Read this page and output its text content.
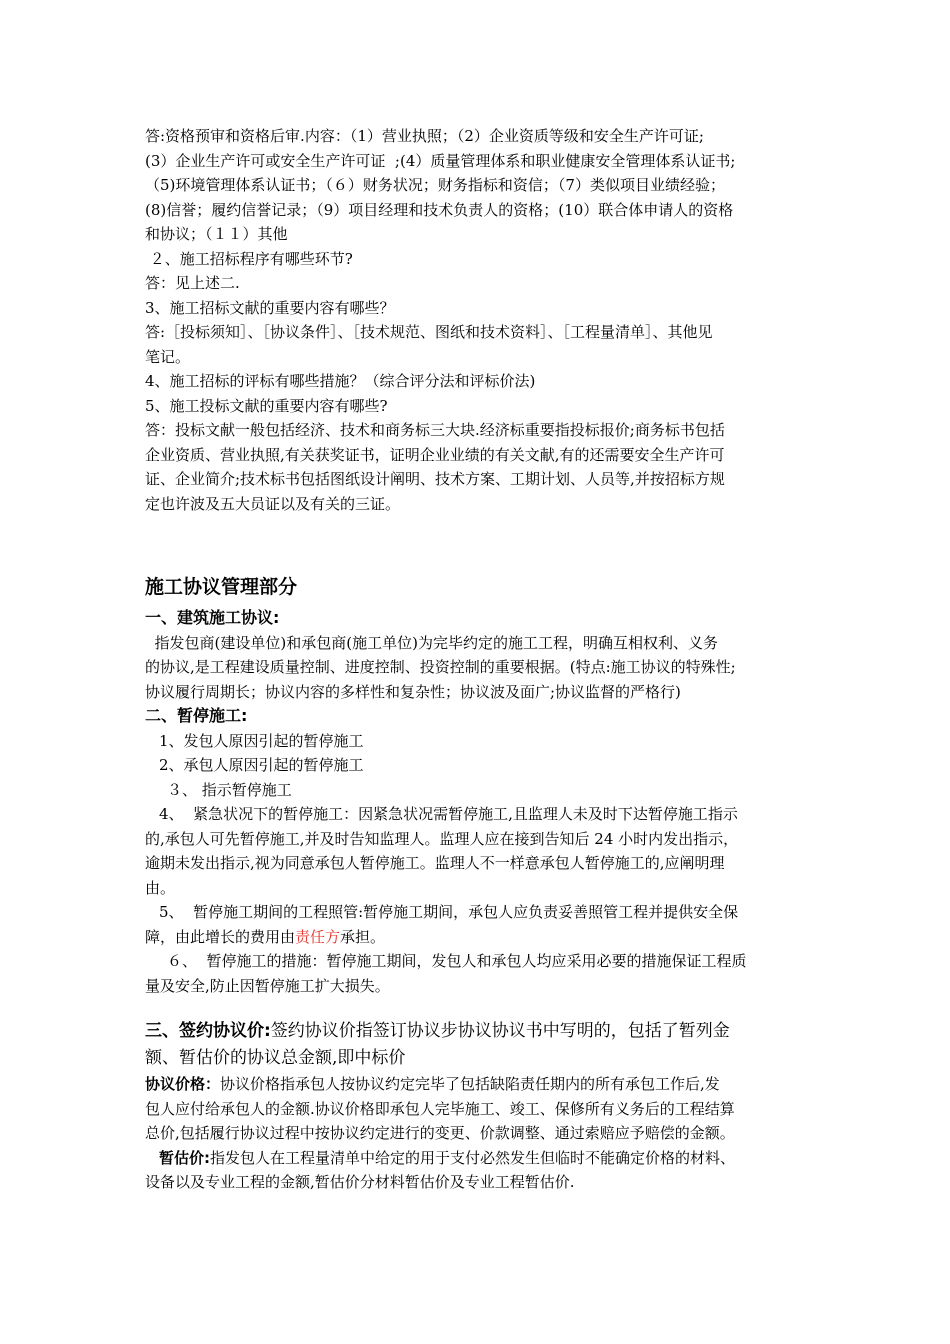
答:资格预审和资格后审.内容：（1）营业执照；（2）企业资质等级和安全生产许可证;

(3）企业生产许可或安全生产许可证  ;(4）质量管理体系和职业健康安全管理体系认证书;

（5)环境管理体系认证书；（６）财务状况；财务指标和资信；（7）类似项目业绩经验；

(8)信誉；履约信誉记录；（9）项目经理和技术负责人的资格；(10）联合体申请人的资格

和协议；（１１）其他

２、施工招标程序有哪些环节?

答：见上述二.

3、施工招标文献的重要内容有哪些？

答:［投标须知］、［协议条件］、［技术规范、图纸和技术资料］、［工程量清单］、其他见

笔记。

4、施工招标的评标有哪些措施？（综合评分法和评标价法)

5、施工投标文献的重要内容有哪些?

答：投标文献一般包括经济、技术和商务标三大块.经济标重要指投标报价;商务标书包括

企业资质、营业执照,有关获奖证书，证明企业业绩的有关文献,有的还需要安全生产许可

证、企业简介;技术标书包括图纸设计阐明、技术方案、工期计划、人员等,并按招标方规

定也许波及五大员证以及有关的三证。

施工协议管理部分

一、建筑施工协议:

指发包商(建设单位)和承包商(施工单位)为完毕约定的施工工程，明确互相权利、义务

的协议,是工程建设质量控制、进度控制、投资控制的重要根据。(特点:施工协议的特殊性;

协议履行周期长；协议内容的多样性和复杂性；协议波及面广;协议监督的严格行)

二、暂停施工:

1、发包人原因引起的暂停施工

2、承包人原因引起的暂停施工

３、 指示暂停施工

4、  紧急状况下的暂停施工：因紧急状况需暂停施工,且监理人未及时下达暂停施工指示

的,承包人可先暂停施工,并及时告知监理人。监理人应在接到告知后 24 小时内发出指示，

逾期未发出指示,视为同意承包人暂停施工。监理人不一样意承包人暂停施工的,应阐明理

由。

5、  暂停施工期间的工程照管:暂停施工期间，承包人应负责妥善照管工程并提供安全保

障，由此增长的费用由责任方承担。

６、  暂停施工的措施：暂停施工期间，发包人和承包人均应采用必要的措施保证工程质

量及安全,防止因暂停施工扩大损失。

三、签约协议价:签约协议价指签订协议步协议协议书中写明的，包括了暂列金

额、暂估价的协议总金额,即中标价

协议价格：协议价格指承包人按协议约定完毕了包括缺陷责任期内的所有承包工作后,发

包人应付给承包人的金额.协议价格即承包人完毕施工、竣工、保修所有义务后的工程结算

总价,包括履行协议过程中按协议约定进行的变更、价款调整、通过索赔应予赔偿的金额。

暂估价:指发包人在工程量清单中给定的用于支付必然发生但临时不能确定价格的材料、

设备以及专业工程的金额,暂估价分材料暂估价及专业工程暂估价.
